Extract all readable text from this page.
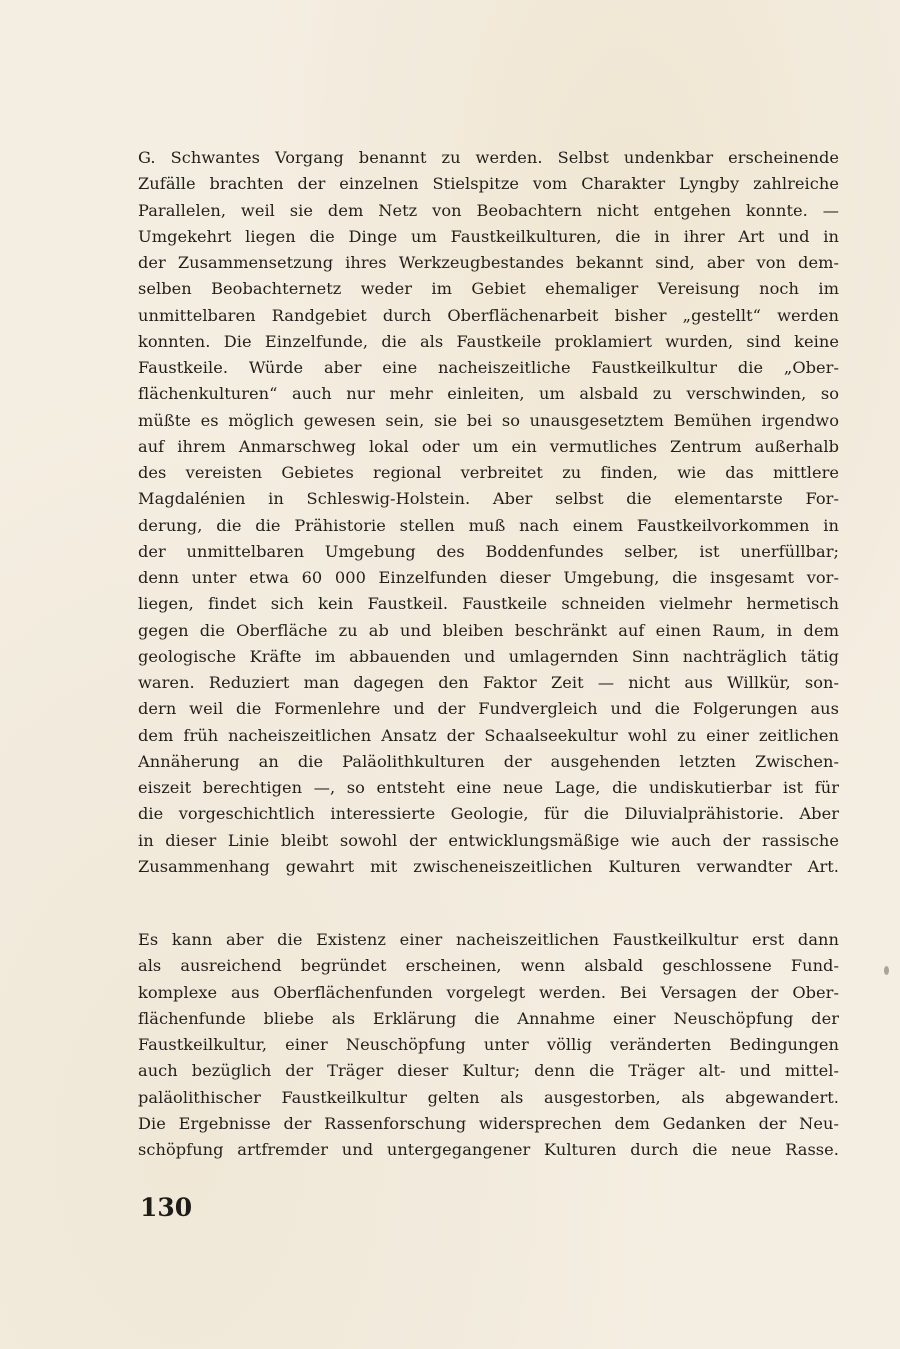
G. Schwantes Vorgang benannt zu werden. Selbst undenkbar erscheinende
Zufälle brachten der einzelnen Stielspitze vom Charakter Lyngby zahlreiche
Parallelen, weil sie dem Netz von Beobachtern nicht entgehen konnte. —
Umgekehrt liegen die Dinge um Faustkeilkulturen, die in ihrer Art und in
der Zusammensetzung ihres Werkzeugbestandes bekannt sind, aber von dem-
selben Beobachternetz weder im Gebiet ehemaliger Vereisung noch im
unmittelbaren Randgebiet durch Oberflächenarbeit bisher „gestellt“ werden
konnten. Die Einzelfunde, die als Faustkeile proklamiert wurden, sind keine
Faustkeile. Würde aber eine nacheiszeitliche Faustkeilkultur die „Ober-
flächenkulturen“ auch nur mehr einleiten, um alsbald zu verschwinden, so
müßte es möglich gewesen sein, sie bei so unausgesetztem Bemühen irgendwo
auf ihrem Anmarschweg lokal oder um ein vermutliches Zentrum außerhalb
des vereisten Gebietes regional verbreitet zu finden, wie das mittlere
Magdalénien in Schleswig-Holstein. Aber selbst die elementarste For-
derung, die die Prähistorie stellen muß nach einem Faustkeilvorkommen in
der unmittelbaren Umgebung des Boddenfundes selber, ist unerfüllbar;
denn unter etwa 60 000 Einzelfunden dieser Umgebung, die insgesamt vor-
liegen, findet sich kein Faustkeil. Faustkeile schneiden vielmehr hermetisch
gegen die Oberfläche zu ab und bleiben beschränkt auf einen Raum, in dem
geologische Kräfte im abbauenden und umlagernden Sinn nachträglich tätig
waren. Reduziert man dagegen den Faktor Zeit — nicht aus Willkür, son-
dern weil die Formenlehre und der Fundvergleich und die Folgerungen aus
dem früh nacheiszeitlichen Ansatz der Schaalseekultur wohl zu einer zeitlichen
Annäherung an die Paläolithkulturen der ausgehenden letzten Zwischen-
eiszeit berechtigen —, so entsteht eine neue Lage, die undiskutierbar ist für
die vorgeschichtlich interessierte Geologie, für die Diluvialprähistorie. Aber
in dieser Linie bleibt sowohl der entwicklungsmäßige wie auch der rassische
Zusammenhang gewahrt mit zwischeneiszeitlichen Kulturen verwandter Art.
Es kann aber die Existenz einer nacheiszeitlichen Faustkeilkultur erst dann
als ausreichend begründet erscheinen, wenn alsbald geschlossene Fund-
komplexe aus Oberflächenfunden vorgelegt werden. Bei Versagen der Ober-
flächenfunde bliebe als Erklärung die Annahme einer Neuschöpfung der
Faustkeilkultur, einer Neuschöpfung unter völlig veränderten Bedingungen
auch bezüglich der Träger dieser Kultur; denn die Träger alt- und mittel-
paläolithischer Faustkeilkultur gelten als ausgestorben, als abgewandert.
Die Ergebnisse der Rassenforschung widersprechen dem Gedanken der Neu-
schöpfung artfremder und untergegangener Kulturen durch die neue Rasse.
130
